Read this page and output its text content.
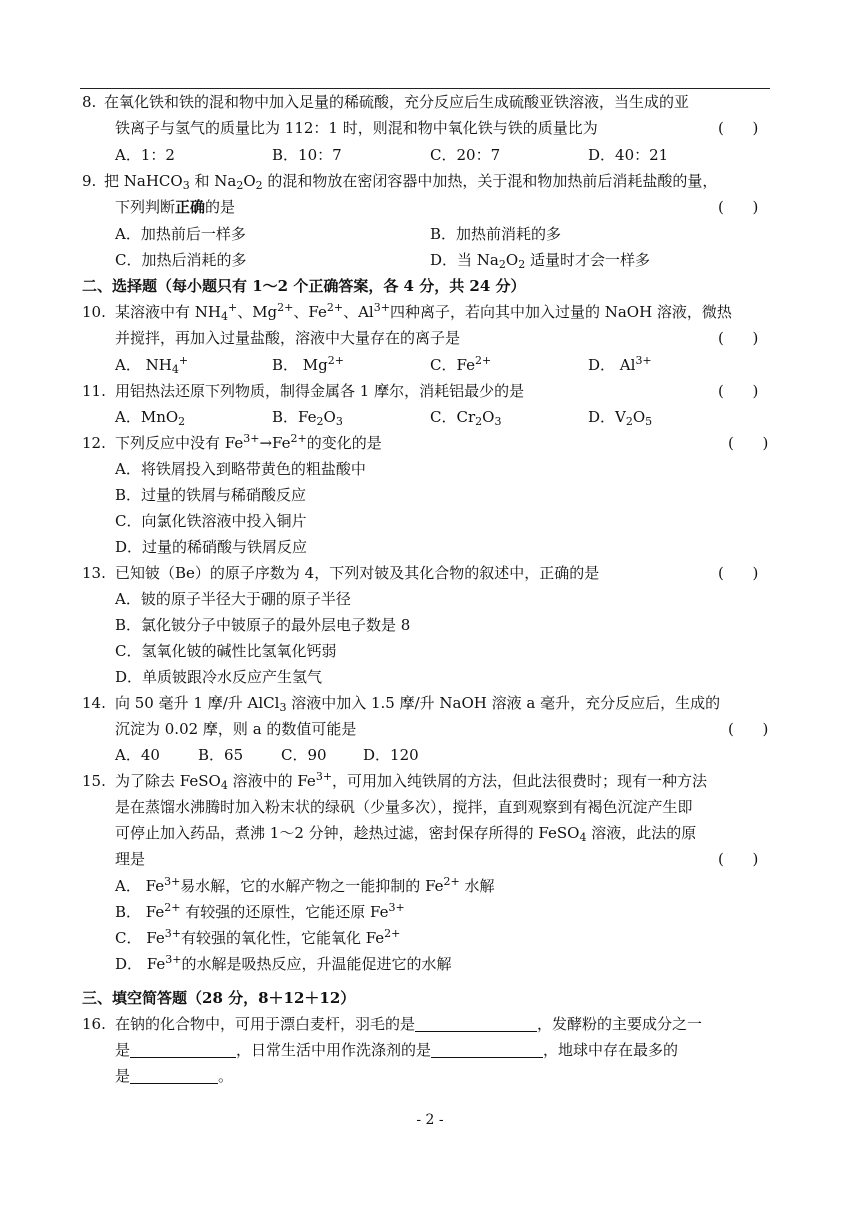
8. 在氧化铁和铁的混和物中加入足量的稀硫酸，充分反应后生成硫酸亚铁溶液，当生成的亚
铁离子与氢气的质量比为 112：1 时，则混和物中氧化铁与铁的质量比为	(      )
A．1：2	B．10：7	C．20：7	D．40：21
9. 把 NaHCO$_3$ 和 $Na_2O_2$ 的混和物放在密闭容器中加热，关于混和物加热前后消耗盐酸的量，
下列判断正确的是	(      )
A．加热前后一样多	B．加热前消耗的多
C．加热后消耗的多	D．当 $Na_2O_2$ 适量时才会一样多
二、选择题（每小题只有 1～2 个正确答案，各 4 分，共 24 分）
10. 某溶液中有 $NH_4^+$、$Mg^{2+}$、$Fe^{2+}$、$Al^{3+}$四种离子，若向其中加入过量的 NaOH 溶液，微热
并搅拌，再加入过量盐酸，溶液中大量存在的离子是	(      )
A． $NH_4^+$	B． $Mg^{2+}$	C．$Fe^{2+}$	D． $Al^{3+}$
11. 用铝热法还原下列物质，制得金属各 1 摩尔，消耗铝最少的是	(      )
A．MnO$_2$	B．$Fe_2O_3$	C．$Cr_2O_3$	D．$V_2O_5$
12. 下列反应中没有 $Fe^{3+}\to Fe^{2+}$的变化的是	(      )
A．将铁屑投入到略带黄色的粗盐酸中
B．过量的铁屑与稀硝酸反应
C．向氯化铁溶液中投入铜片
D．过量的稀硝酸与铁屑反应
13. 已知铍（Be）的原子序数为 4，下列对铍及其化合物的叙述中，正确的是	(      )
A．铍的原子半径大于硼的原子半径
B．氯化铍分子中铍原子的最外层电子数是 8
C．氢氧化铍的碱性比氢氧化钙弱
D．单质铍跟冷水反应产生氢气
14. 向 50 毫升 1 摩/升 AlCl$_3$ 溶液中加入 1.5 摩/升 NaOH 溶液 a 毫升，充分反应后，生成的
沉淀为 0.02 摩，则 a 的数值可能是	(      )
A．40	B．65	C．90 D．120
15. 为了除去 FeSO$_4$ 溶液中的 $Fe^{3+}$，可用加入纯铁屑的方法，但此法很费时；现有一种方法
是在蒸馏水沸腾时加入粉末状的绿矾（少量多次），搅拌，直到观察到有褐色沉淀产生即
可停止加入药品，煮沸 1～2 分钟，趁热过滤，密封保存所得的 FeSO$_4$ 溶液，此法的原
理是	(      )
A． $Fe^{3+}$易水解，它的水解产物之一能抑制的 $Fe^{2+}$ 水解
B． $Fe^{2+}$ 有较强的还原性，它能还原 $Fe^{3+}$
C． $Fe^{3+}$有较强的氧化性，它能氧化 $Fe^{2+}$
D． $Fe^{3+}$的水解是吸热反应，升温能促进它的水解
三、填空简答题（28 分，8＋12＋12）
16. 在钠的化合物中，可用于漂白麦杆，羽毛的是	，发酵粉的主要成分之一
是	，日常生活中用作洗涤剂的是	，地球中存在最多的
是	。
- 2 -
